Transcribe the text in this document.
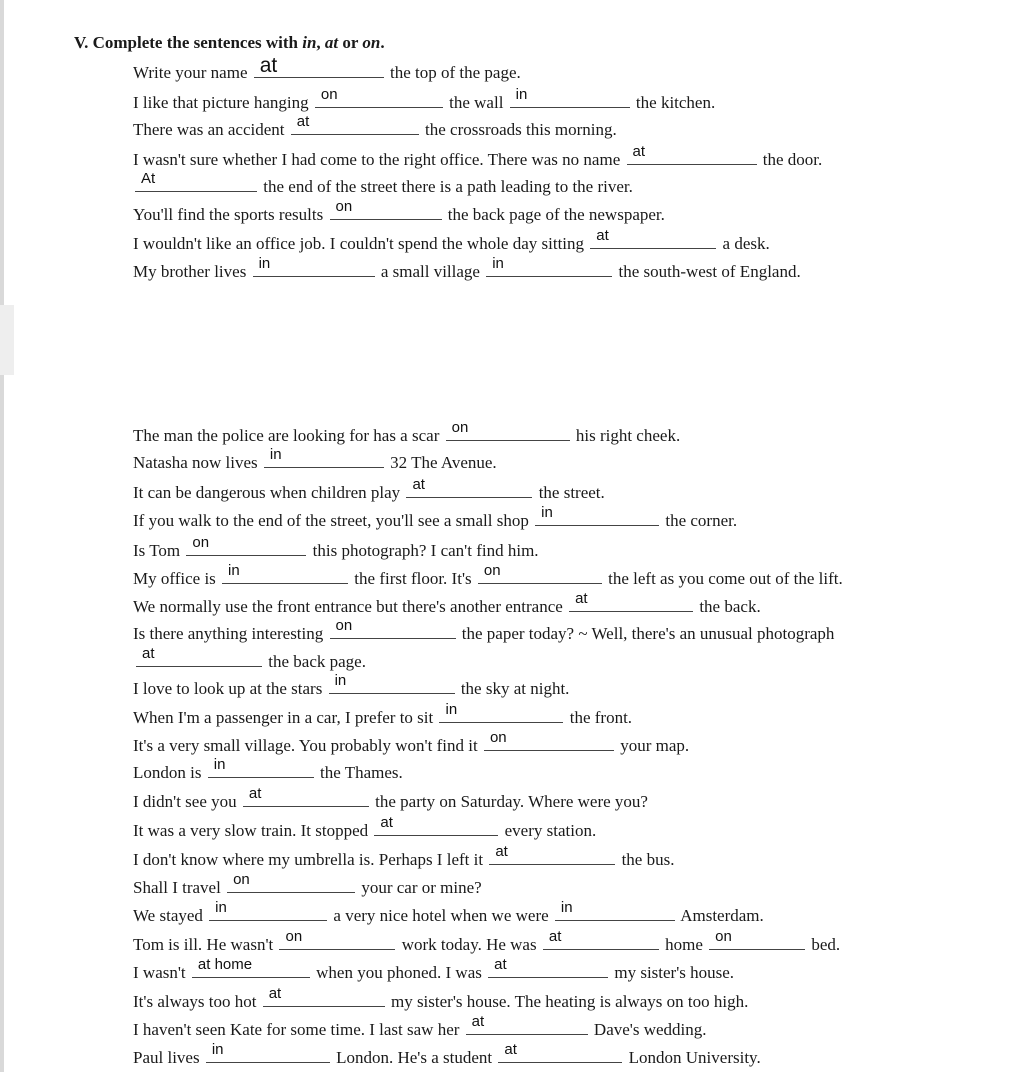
V. Complete the sentences with in, at or on.
Write your name at	the top of the page.
I like that picture hanging on	the wall in	the kitchen.
There was an accident at	the crossroads this morning.
I wasn't sure whether I had come to the right office. There was no name at	the door.
At	the end of the street there is a path leading to the river.
You'll find the sports results on	the back page of the newspaper.
I wouldn't like an office job. I couldn't spend the whole day sitting at	a desk.
My brother lives in	a small village in	the south-west of England.
The man the police are looking for has a scar on	his right cheek.
Natasha now lives in	32 The Avenue.
It can be dangerous when children play at	the street.
If you walk to the end of the street, you'll see a small shop in	the corner.
Is Tom on	this photograph? I can't find him.
My office is in	the first floor. It's on	the left as you come out of the lift.
We normally use the front entrance but there's another entrance at	the back.
Is there anything interesting on	the paper today? ~ Well, there's an unusual photograph
at	the back page.
I love to look up at the stars in	the sky at night.
When I'm a passenger in a car, I prefer to sit in	the front.
It's a very small village. You probably won't find it on	your map.
London is in	the Thames.
I didn't see you at	the party on Saturday. Where were you?
It was a very slow train. It stopped at	every station.
I don't know where my umbrella is. Perhaps I left it at	the bus.
Shall I travel on	your car or mine?
We stayed in	a very nice hotel when we were in	Amsterdam.
Tom is ill. He wasn't on	work today. He was at	home on	bed.
I wasn't at home	when you phoned. I was at	my sister's house.
It's always too hot at	my sister's house. The heating is always on too high.
I haven't seen Kate for some time. I last saw her at	Dave's wedding.
Paul lives in	London. He's a student at	London University.
